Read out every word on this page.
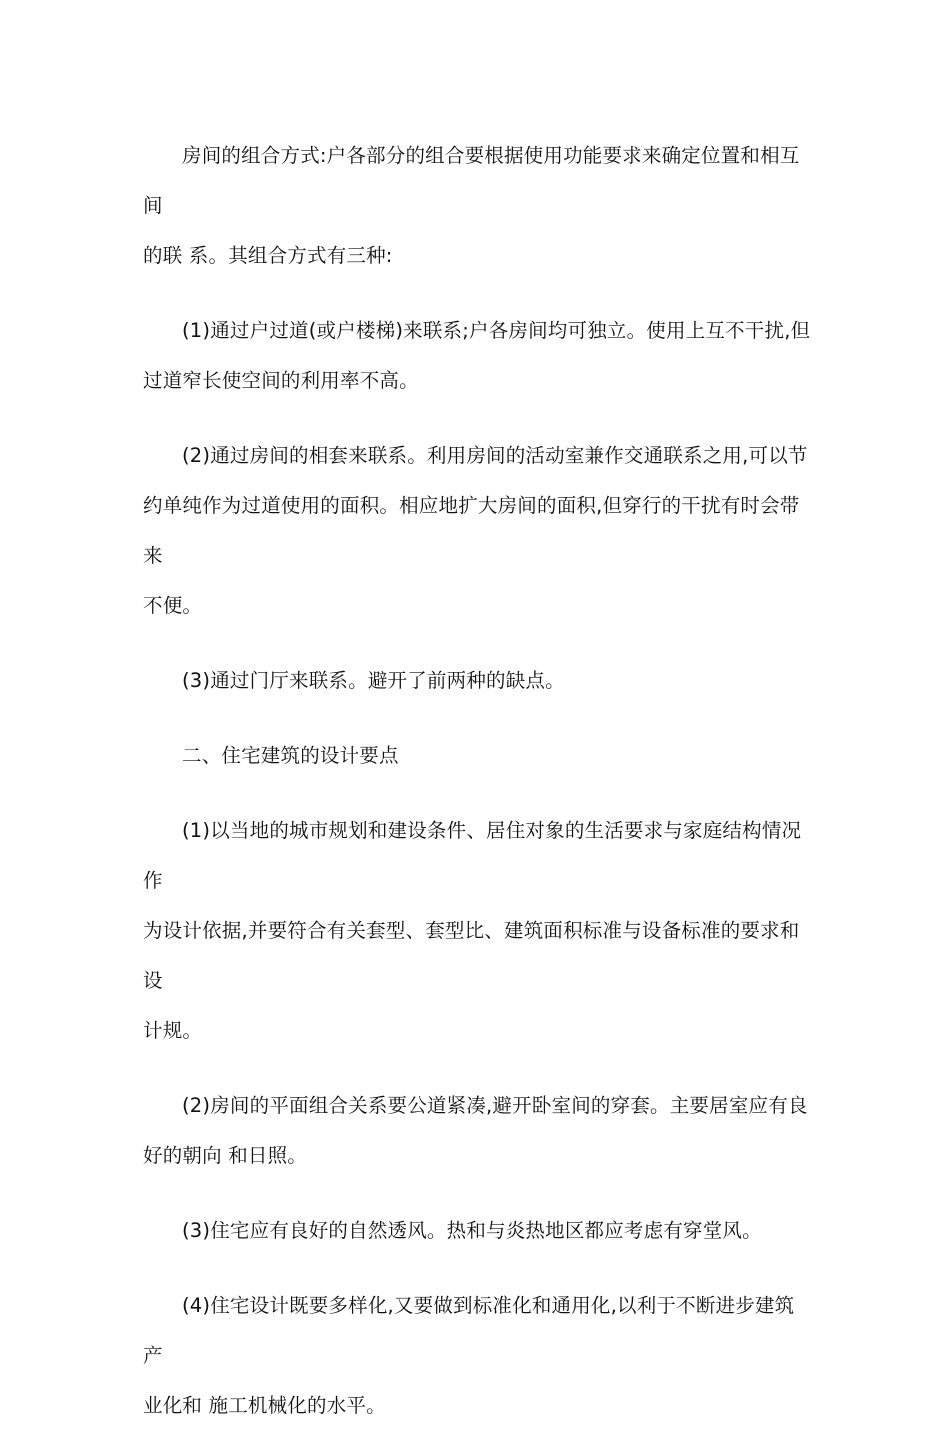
房间的组合方式:户各部分的组合要根据使用功能要求来确定位置和相互间
的联 系。其组合方式有三种:

(1)通过户过道(或户楼梯)来联系;户各房间均可独立。使用上互不干扰,但
过道窄长使空间的利用率不高。

(2)通过房间的相套来联系。利用房间的活动室兼作交通联系之用,可以节
约单纯作为过道使用的面积。相应地扩大房间的面积,但穿行的干扰有时会带来
不便。

(3)通过门厅来联系。避开了前两种的缺点。

二、住宅建筑的设计要点

(1)以当地的城市规划和建设条件、居住对象的生活要求与家庭结构情况作
为设计依据,并要符合有关套型、套型比、建筑面积标准与设备标准的要求和设
计规。

(2)房间的平面组合关系要公道紧凑,避开卧室间的穿套。主要居室应有良
好的朝向 和日照。

(3)住宅应有良好的自然透风。热和与炎热地区都应考虑有穿堂风。

(4)住宅设计既要多样化,又要做到标准化和通用化,以利于不断进步建筑产
业化和 施工机械化的水平。
